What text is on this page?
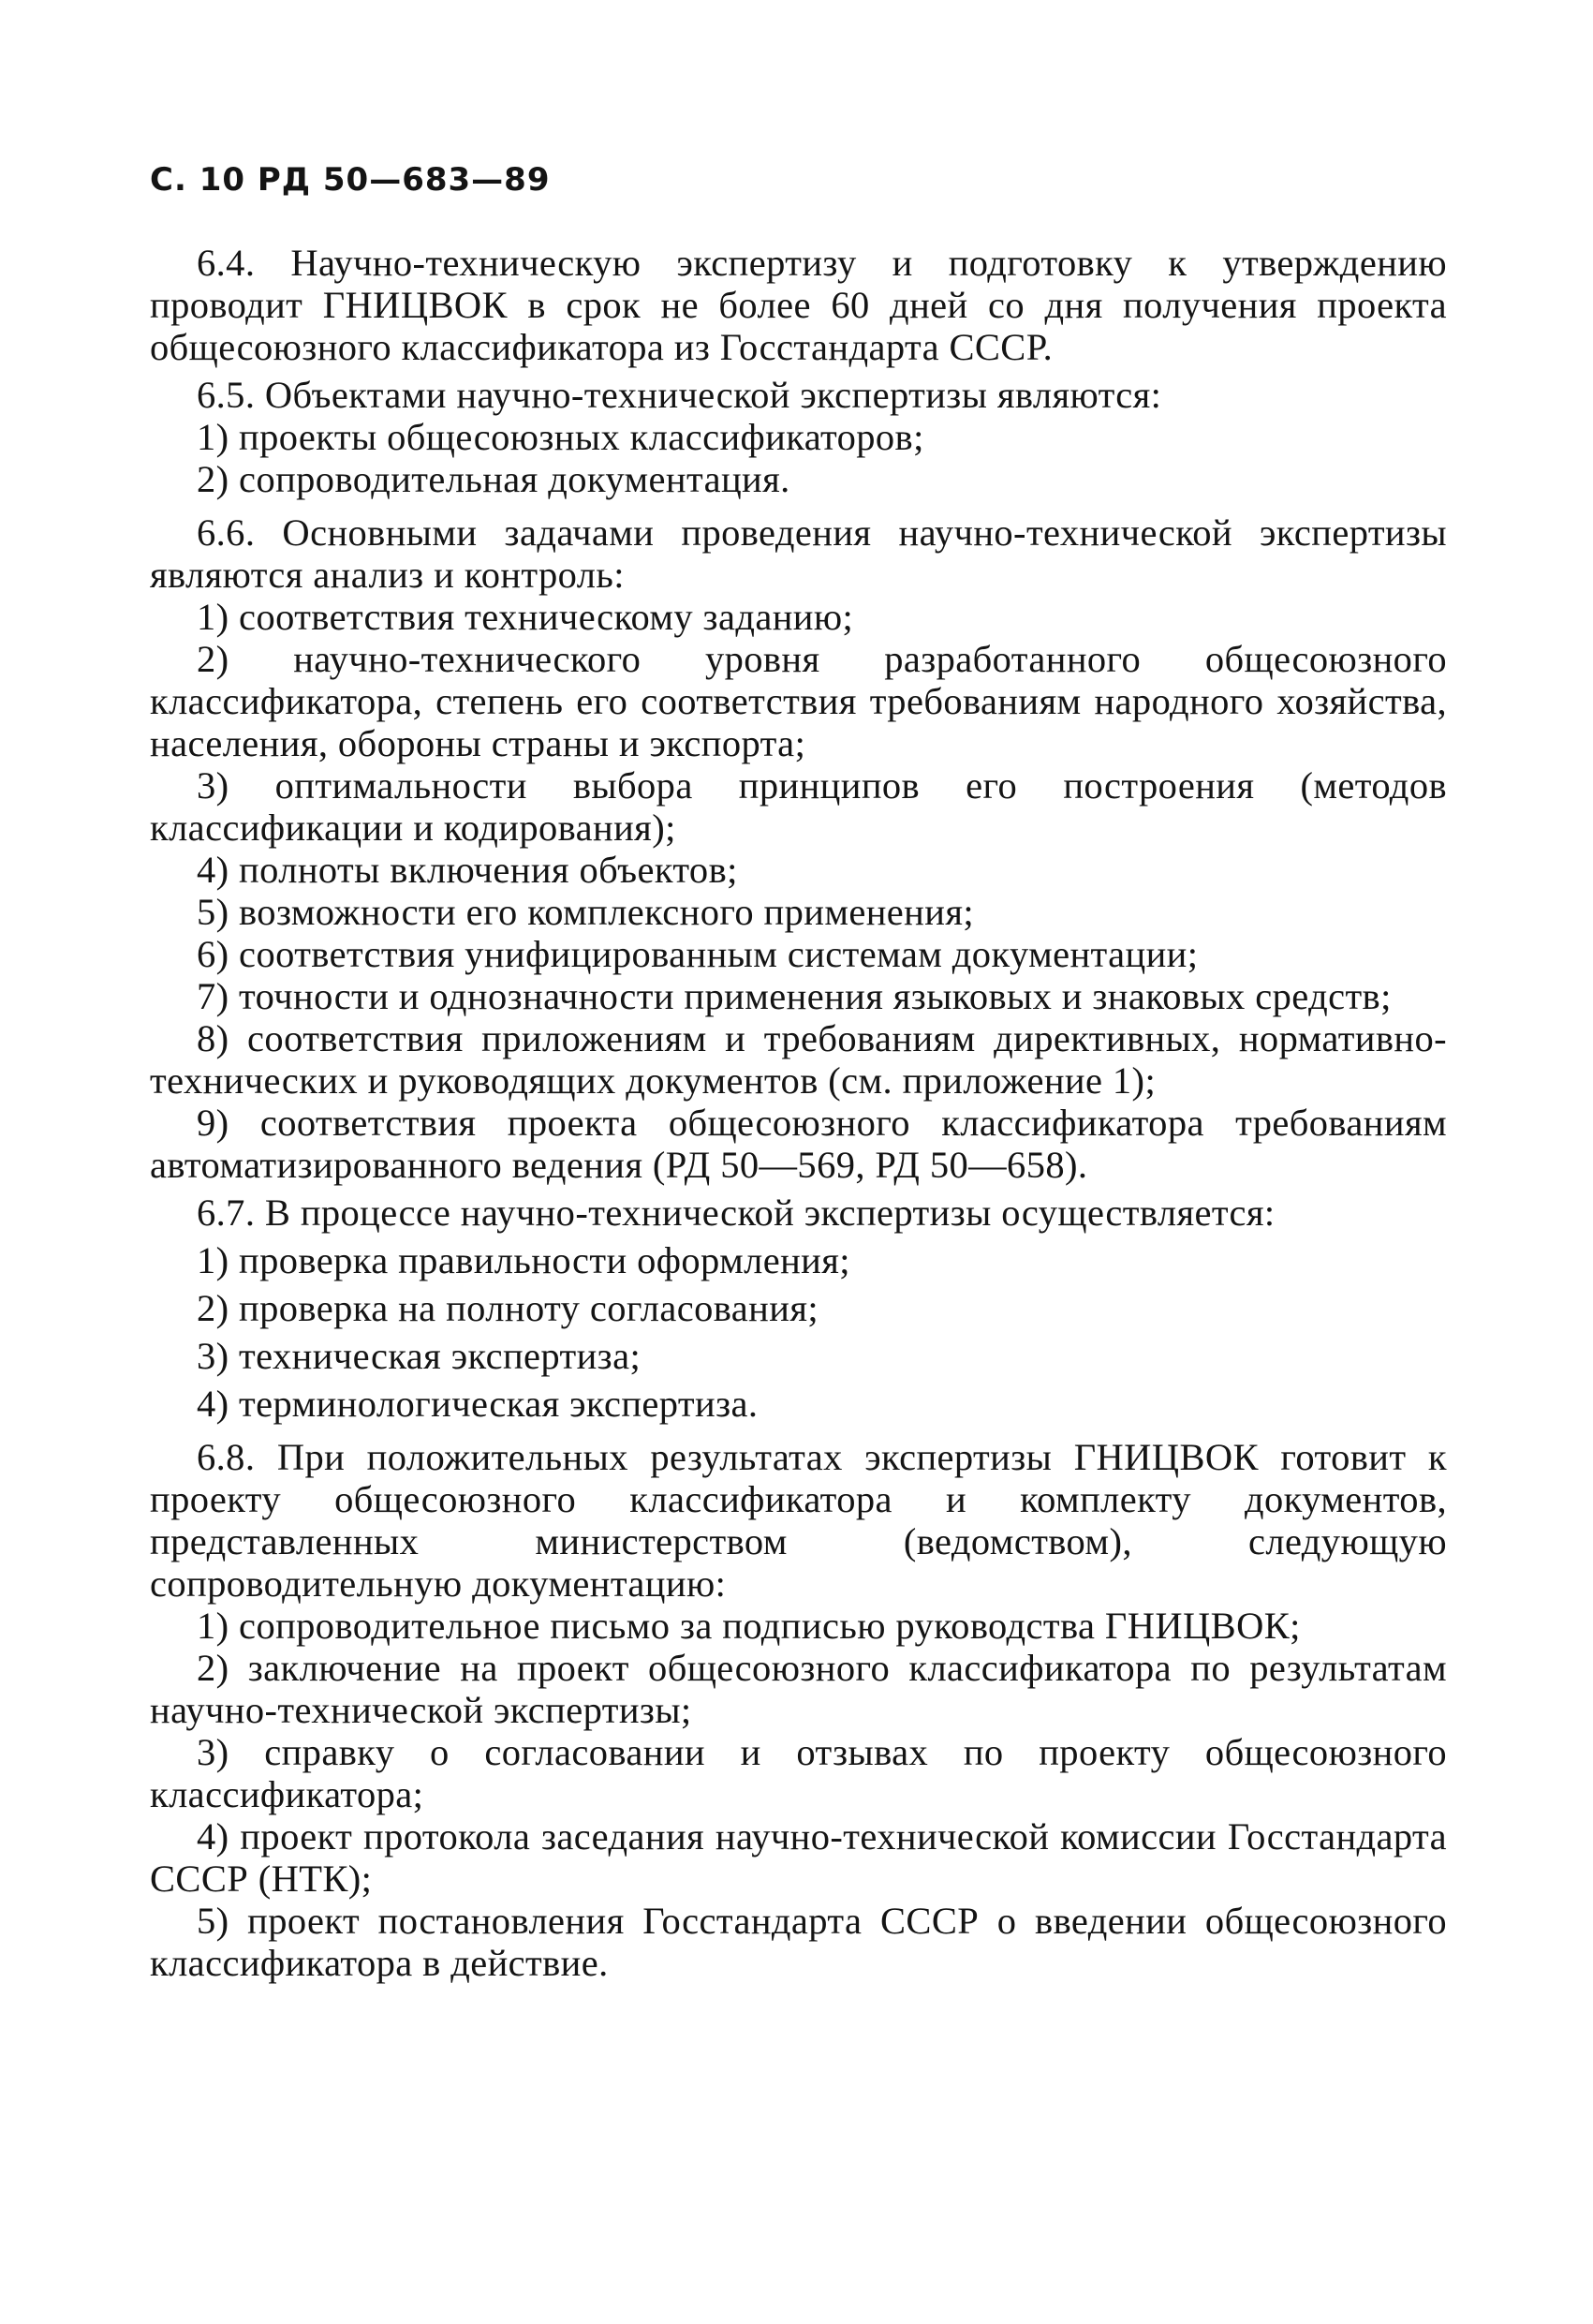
С. 10 РД 50—683—89

6.4. Научно-техническую экспертизу и подготовку к утверждению проводит ГНИЦВОК в срок не более 60 дней со дня получения проекта общесоюзного классификатора из Госстандарта СССР.

6.5. Объектами научно-технической экспертизы являются:

1) проекты общесоюзных классификаторов;

2) сопроводительная документация.

6.6. Основными задачами проведения научно-технической экспертизы являются анализ и контроль:

1) соответствия техническому заданию;

2) научно-технического уровня разработанного общесоюзного классификатора, степень его соответствия требованиям народного хозяйства, населения, обороны страны и экспорта;

3) оптимальности выбора принципов его построения (методов классификации и кодирования);

4) полноты включения объектов;

5) возможности его комплексного применения;

6) соответствия унифицированным системам документации;

7) точности и однозначности применения языковых и знаковых средств;

8) соответствия приложениям и требованиям директивных, нормативно-технических и руководящих документов (см. приложение 1);

9) соответствия проекта общесоюзного классификатора требованиям автоматизированного ведения (РД 50—569, РД 50—658).

6.7. В процессе научно-технической экспертизы осуществляется:

1) проверка правильности оформления;

2) проверка на полноту согласования;

3) техническая экспертиза;

4) терминологическая экспертиза.

6.8. При положительных результатах экспертизы ГНИЦВОК готовит к проекту общесоюзного классификатора и комплекту документов, представленных министерством (ведомством), следующую сопроводительную документацию:

1) сопроводительное письмо за подписью руководства ГНИЦВОК;

2) заключение на проект общесоюзного классификатора по результатам научно-технической экспертизы;

3) справку о согласовании и отзывах по проекту общесоюзного классификатора;

4) проект протокола заседания научно-технической комиссии Госстандарта СССР (НТК);

5) проект постановления Госстандарта СССР о введении общесоюзного классификатора в действие.
